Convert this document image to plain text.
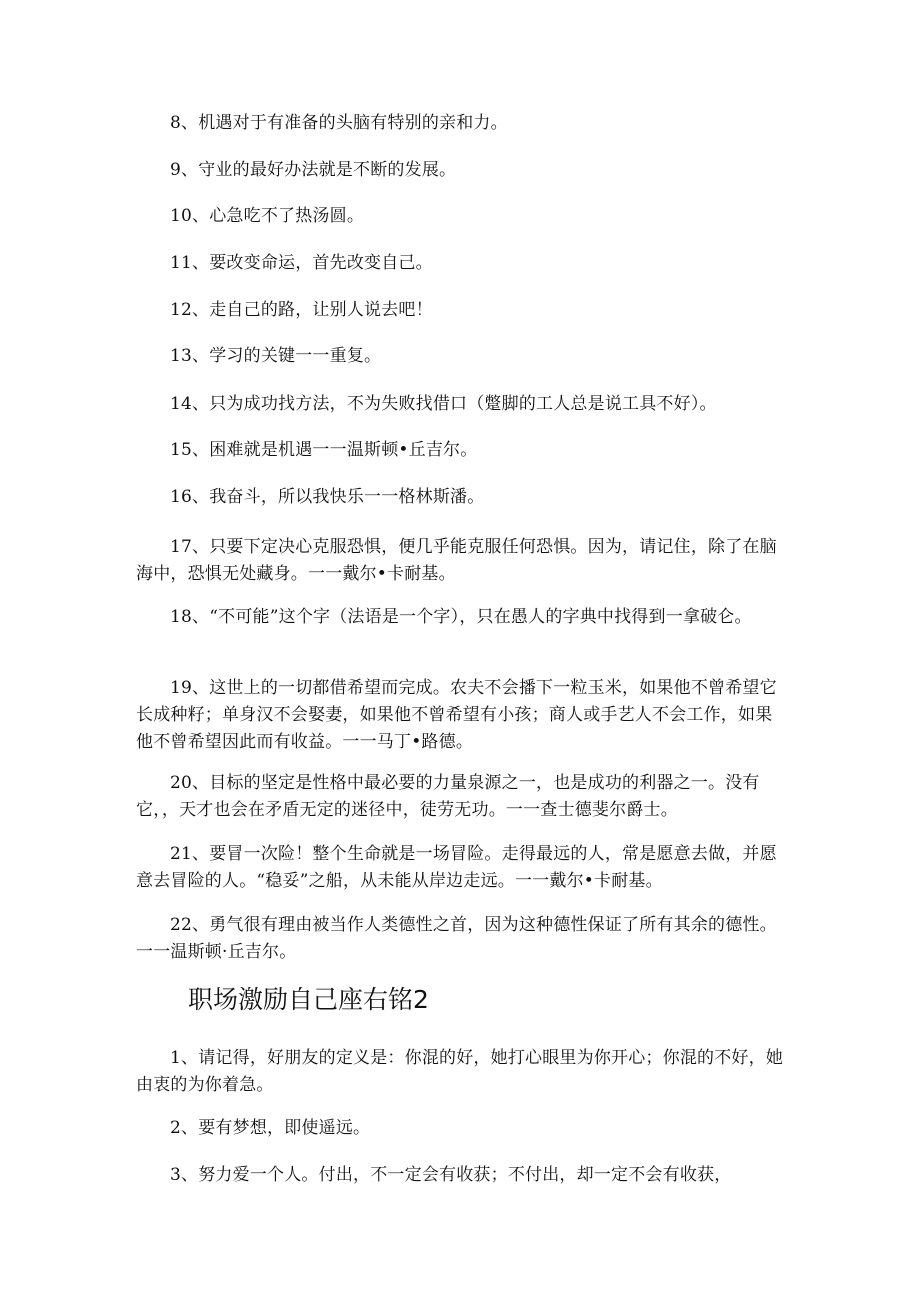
8、机遇对于有准备的头脑有特别的亲和力。

9、守业的最好办法就是不断的发展。

10、心急吃不了热汤圆。

11、要改变命运，首先改变自己。

12、走自己的路，让别人说去吧！

13、学习的关键一一重复。

14、只为成功找方法，不为失败找借口（蹩脚的工人总是说工具不好）。

15、困难就是机遇一一温斯顿•丘吉尔。

16、我奋斗，所以我快乐一一格林斯潘。

17、只要下定决心克服恐惧，便几乎能克服任何恐惧。因为，请记住，除了在脑海中，恐惧无处藏身。一一戴尔•卡耐基。

18、“不可能”这个字（法语是一个字），只在愚人的字典中找得到一拿破仑。

19、这世上的一切都借希望而完成。农夫不会播下一粒玉米，如果他不曾希望它长成种籽；单身汉不会娶妻，如果他不曾希望有小孩；商人或手艺人不会工作，如果他不曾希望因此而有收益。一一马丁•路德。

20、目标的坚定是性格中最必要的力量泉源之一，也是成功的利器之一。没有它，，天才也会在矛盾无定的迷径中，徒劳无功。一一查士德斐尔爵士。

21、要冒一次险！整个生命就是一场冒险。走得最远的人，常是愿意去做，并愿意去冒险的人。“稳妥”之船，从未能从岸边走远。一一戴尔•卡耐基。

22、勇气很有理由被当作人类德性之首，因为这种德性保证了所有其余的德性。一一温斯顿·丘吉尔。

职场激励自己座右铭2

1、请记得，好朋友的定义是：你混的好，她打心眼里为你开心；你混的不好，她由衷的为你着急。

2、要有梦想，即使遥远。

3、努力爱一个人。付出，不一定会有收获；不付出，却一定不会有收获，
